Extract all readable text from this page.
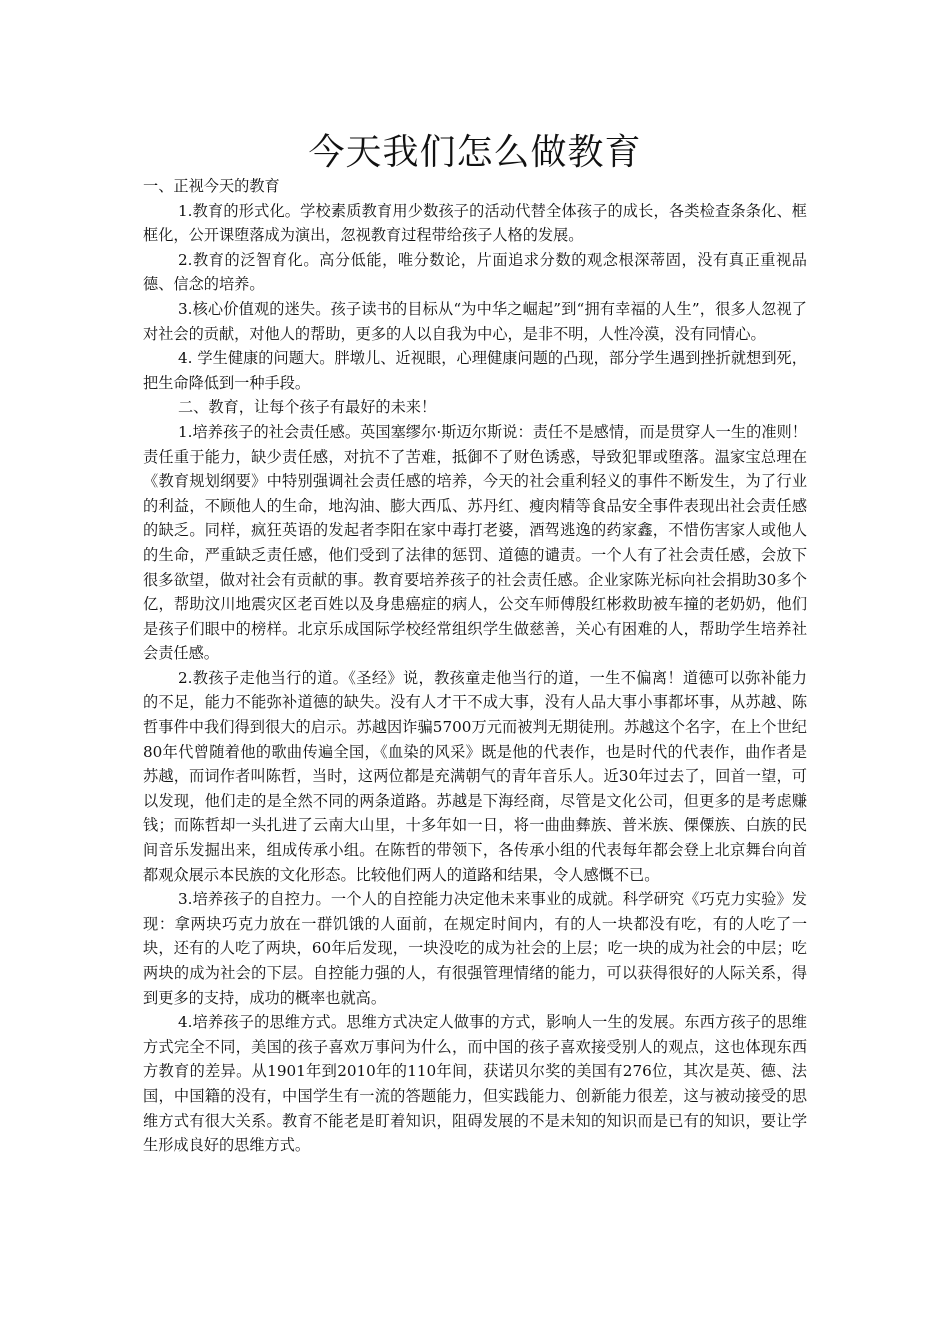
今天我们怎么做教育

一、正视今天的教育

1.教育的形式化。学校素质教育用少数孩子的活动代替全体孩子的成长，各类检查条条化、框框化，公开课堕落成为演出，忽视教育过程带给孩子人格的发展。

2.教育的泛智育化。高分低能，唯分数论，片面追求分数的观念根深蒂固，没有真正重视品德、信念的培养。

3.核心价值观的迷失。孩子读书的目标从“为中华之崛起”到“拥有幸福的人生”，很多人忽视了对社会的贡献，对他人的帮助，更多的人以自我为中心，是非不明，人性冷漠，没有同情心。

4. 学生健康的问题大。胖墩儿、近视眼，心理健康问题的凸现，部分学生遇到挫折就想到死，把生命降低到一种手段。

二、教育，让每个孩子有最好的未来！

1.培养孩子的社会责任感。英国塞缪尔·斯迈尔斯说：责任不是感情，而是贯穿人一生的准则！责任重于能力，缺少责任感，对抗不了苦难，抵御不了财色诱惑，导致犯罪或堕落。温家宝总理在《教育规划纲要》中特别强调社会责任感的培养，今天的社会重利轻义的事件不断发生，为了行业的利益，不顾他人的生命，地沟油、膨大西瓜、苏丹红、瘦肉精等食品安全事件表现出社会责任感的缺乏。同样，疯狂英语的发起者李阳在家中毒打老婆，酒驾逃逸的药家鑫，不惜伤害家人或他人的生命，严重缺乏责任感，他们受到了法律的惩罚、道德的谴责。一个人有了社会责任感，会放下很多欲望，做对社会有贡献的事。教育要培养孩子的社会责任感。企业家陈光标向社会捐助30多个亿，帮助汶川地震灾区老百姓以及身患癌症的病人，公交车师傅殷红彬救助被车撞的老奶奶，他们是孩子们眼中的榜样。北京乐成国际学校经常组织学生做慈善，关心有困难的人，帮助学生培养社会责任感。

2.教孩子走他当行的道。《圣经》说，教孩童走他当行的道，一生不偏离！道德可以弥补能力的不足，能力不能弥补道德的缺失。没有人才干不成大事，没有人品大事小事都坏事，从苏越、陈哲事件中我们得到很大的启示。苏越因诈骗5700万元而被判无期徒刑。苏越这个名字，在上个世纪80年代曾随着他的歌曲传遍全国，《血染的风采》既是他的代表作，也是时代的代表作，曲作者是苏越，而词作者叫陈哲，当时，这两位都是充满朝气的青年音乐人。近30年过去了，回首一望，可以发现，他们走的是全然不同的两条道路。苏越是下海经商，尽管是文化公司，但更多的是考虑赚钱；而陈哲却一头扎进了云南大山里，十多年如一日，将一曲曲彝族、普米族、傈僳族、白族的民间音乐发掘出来，组成传承小组。在陈哲的带领下，各传承小组的代表每年都会登上北京舞台向首都观众展示本民族的文化形态。比较他们两人的道路和结果，令人感慨不已。

3.培养孩子的自控力。一个人的自控能力决定他未来事业的成就。科学研究《巧克力实验》发现：拿两块巧克力放在一群饥饿的人面前，在规定时间内，有的人一块都没有吃，有的人吃了一块，还有的人吃了两块，60年后发现，一块没吃的成为社会的上层；吃一块的成为社会的中层；吃两块的成为社会的下层。自控能力强的人，有很强管理情绪的能力，可以获得很好的人际关系，得到更多的支持，成功的概率也就高。

4.培养孩子的思维方式。思维方式决定人做事的方式，影响人一生的发展。东西方孩子的思维方式完全不同，美国的孩子喜欢万事问为什么，而中国的孩子喜欢接受别人的观点，这也体现东西方教育的差异。从1901年到2010年的110年间，获诺贝尔奖的美国有276位，其次是英、德、法国，中国籍的没有，中国学生有一流的答题能力，但实践能力、创新能力很差，这与被动接受的思维方式有很大关系。教育不能老是盯着知识，阻碍发展的不是未知的知识而是已有的知识，要让学生形成良好的思维方式。
